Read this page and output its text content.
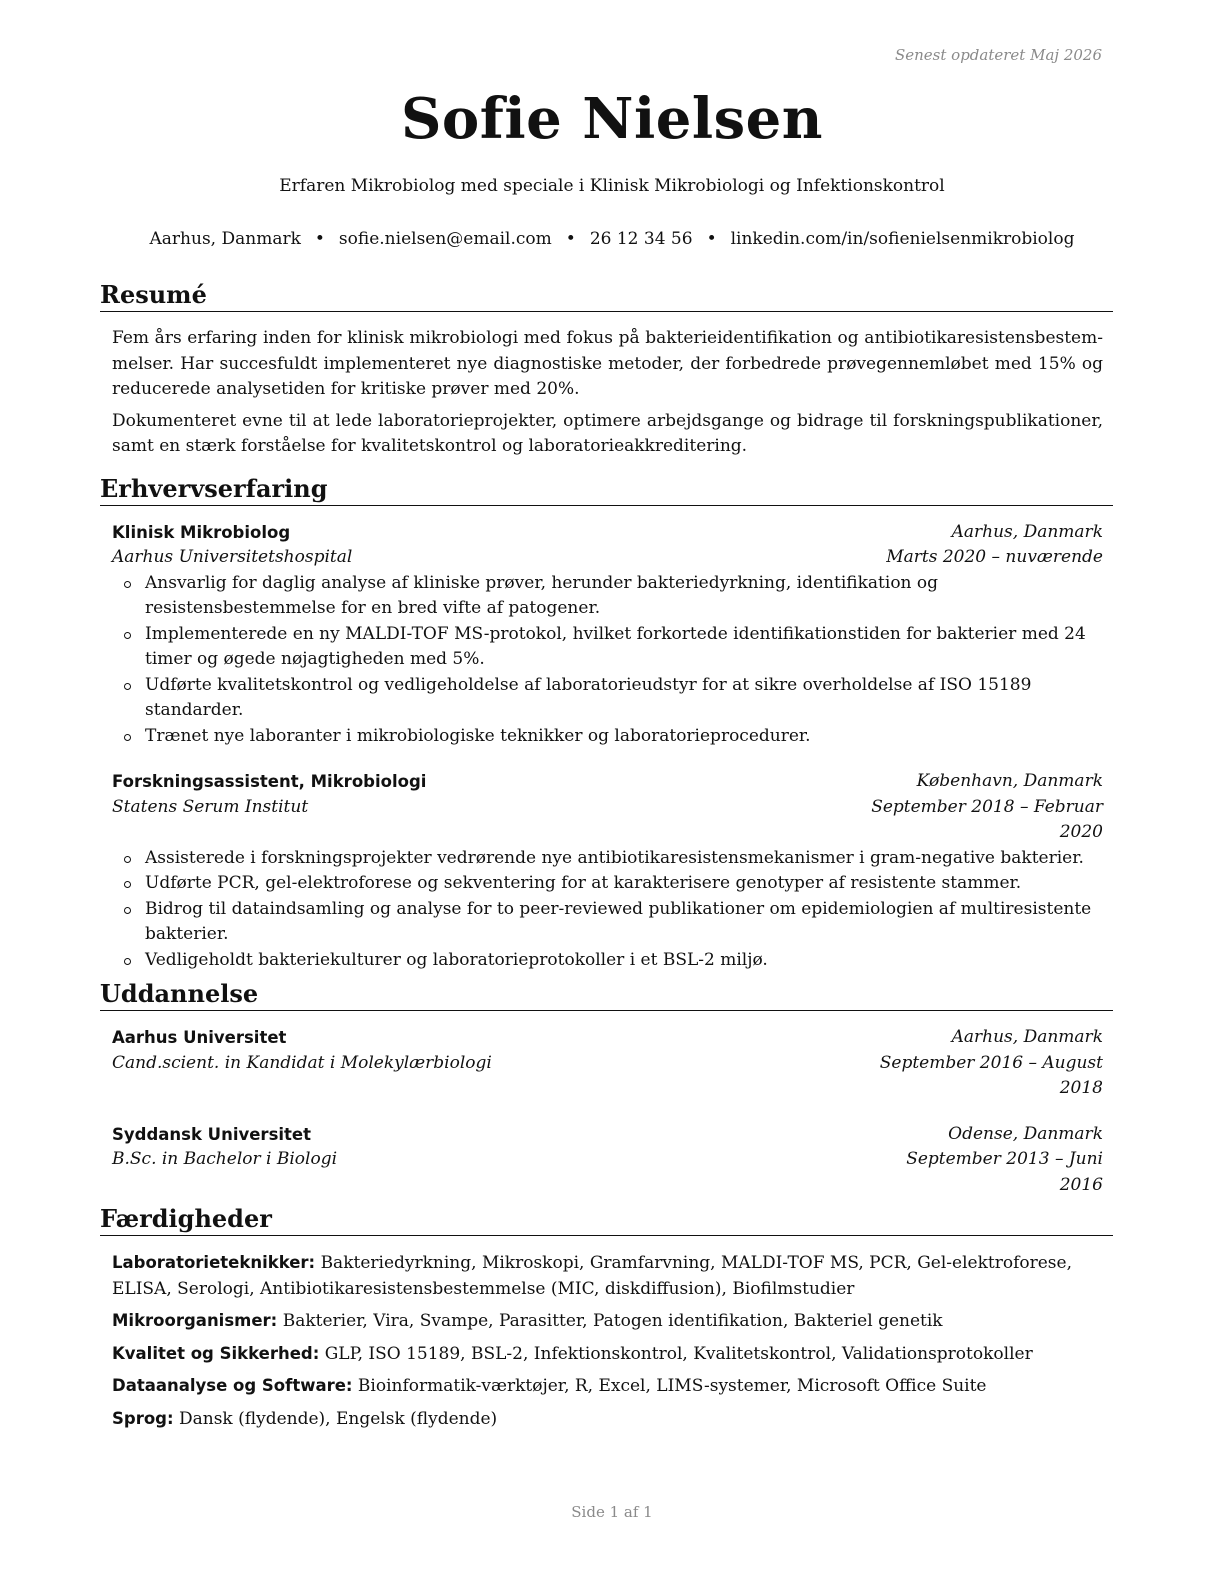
Senest opdateret Maj 2026
Sofie Nielsen
Erfaren Mikrobiolog med speciale i Klinisk Mikrobiologi og Infektionskontrol
Aarhus, Danmark • sofie.nielsen@email.com • 26 12 34 56 • linkedin.com/in/sofienielsenmikrobiolog
Resumé

Fem års erfaring inden for klinisk mikrobiologi med fokus på bakterieidentifikation og antibiotikaresistensbestemmelser. Har succesfuldt implementeret nye diagnostiske metoder, der forbedrede prøvegennemløbet med 15% og reducerede analysetiden for kritiske prøver med 20%.

Dokumenteret evne til at lede laboratorieprojekter, optimere arbejdsgange og bidrage til forskningspublikationer, samt en stærk forståelse for kvalitetskontrol og laboratorieakkreditering.

Erhvervserfaring
Klinisk Mikrobiolog	Aarhus, Danmark
Aarhus Universitetshospital	Marts 2020 – nuværende
Ansvarlig for daglig analyse af kliniske prøver, herunder bakteriedyrkning, identifikation og resistensbestemmelse for en bred vifte af patogener.
Implementerede en ny MALDI-TOF MS-protokol, hvilket forkortede identifikationstiden for bakterier med 24 timer og øgede nøjagtigheden med 5%.
Udførte kvalitetskontrol og vedligeholdelse af laboratorieudstyr for at sikre overholdelse af ISO 15189 standarder.
Trænet nye laboranter i mikrobiologiske teknikker og laboratorieprocedurer.
Forskningsassistent, Mikrobiologi	København, Danmark
Statens Serum Institut	September 2018 – Februar 2020
Assisterede i forskningsprojekter vedrørende nye antibiotikaresistensmekanismer i gram-negative bakterier.
Udførte PCR, gel-elektroforese og sekventering for at karakterisere genotyper af resistente stammer.
Bidrog til dataindsamling og analyse for to peer-reviewed publikationer om epidemiologien af multiresistente bakterier.
Vedligeholdt bakteriekulturer og laboratorieprotokoller i et BSL-2 miljø.
Uddannelse
Aarhus Universitet	Aarhus, Danmark
Cand.scient. in Kandidat i Molekylærbiologi	September 2016 – August 2018
Syddansk Universitet	Odense, Danmark
B.Sc. in Bachelor i Biologi	September 2013 – Juni 2016
Færdigheder

Laboratorieteknikker: Bakteriedyrkning, Mikroskopi, Gramfarvning, MALDI-TOF MS, PCR, Gel-elektroforese, ELISA, Serologi, Antibiotikaresistensbestemmelse (MIC, diskdiffusion), Biofilmstudier

Mikroorganismer: Bakterier, Vira, Svampe, Parasitter, Patogen identifikation, Bakteriel genetik

Kvalitet og Sikkerhed: GLP, ISO 15189, BSL-2, Infektionskontrol, Kvalitetskontrol, Validationsprotokoller

Dataanalyse og Software: Bioinformatik-værktøjer, R, Excel, LIMS-systemer, Microsoft Office Suite

Sprog: Dansk (flydende), Engelsk (flydende)

Side 1 af 1
